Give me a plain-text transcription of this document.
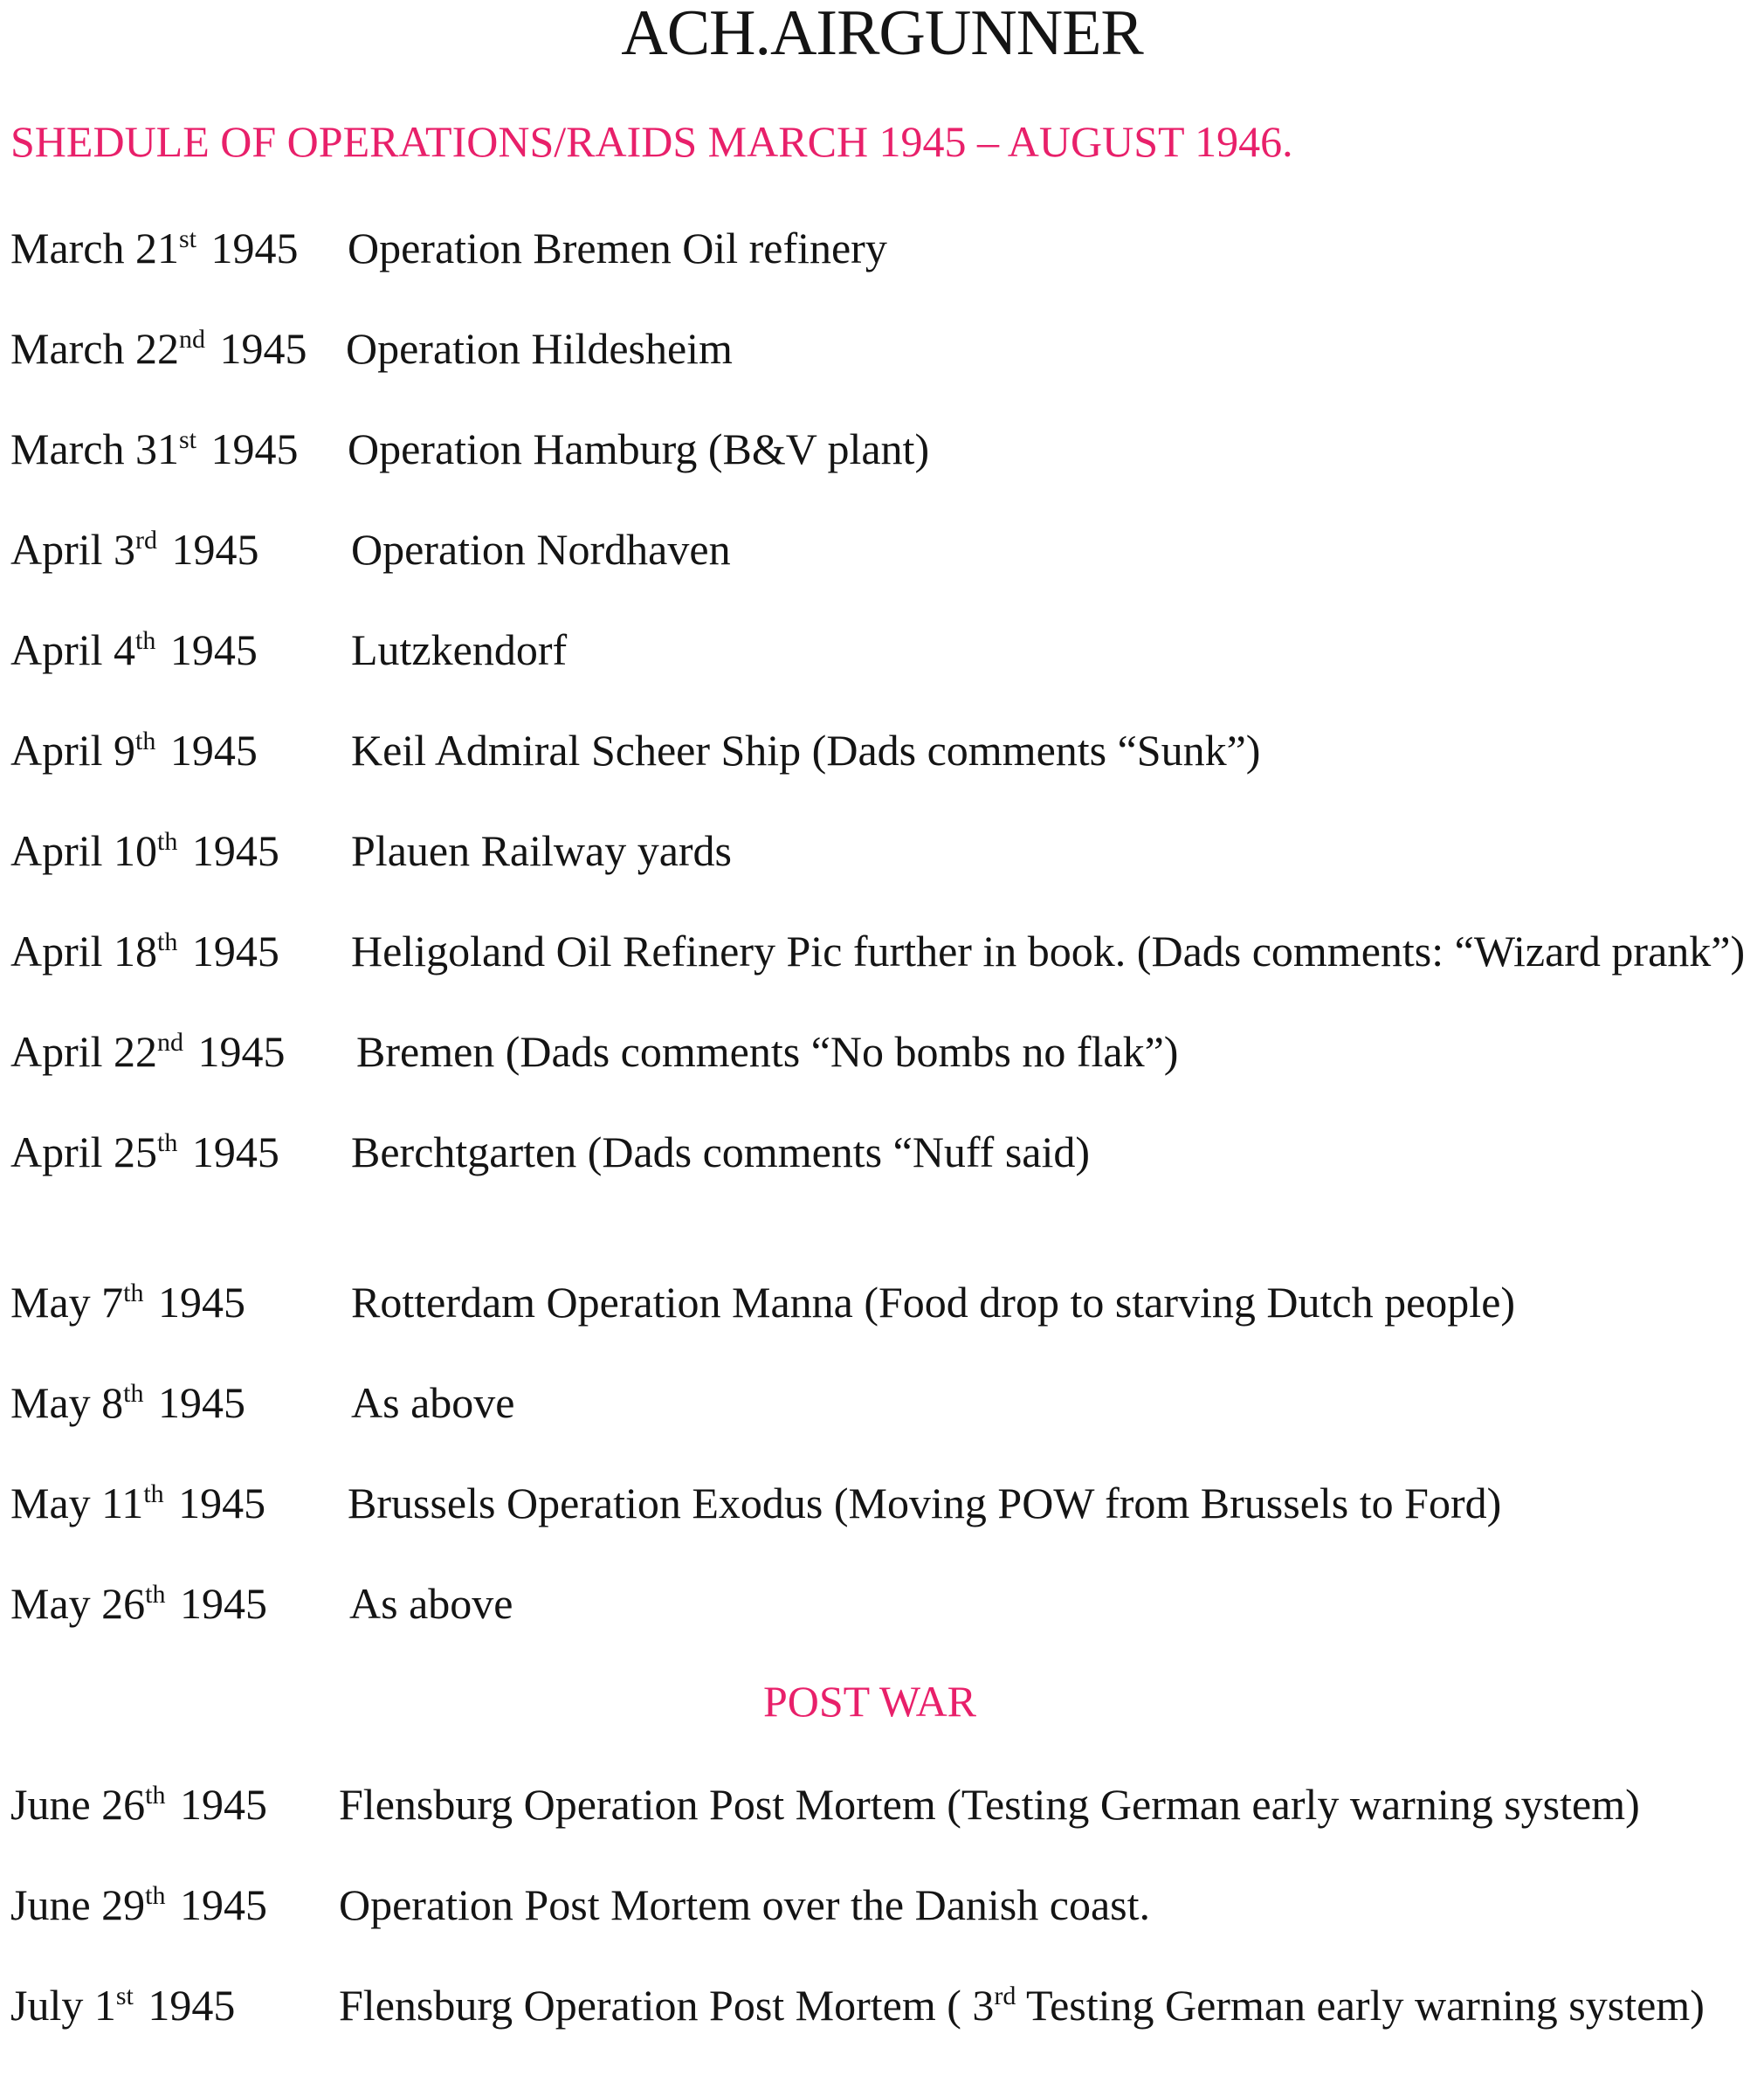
ACH.AIRGUNNER
SHEDULE OF OPERATIONS/RAIDS MARCH 1945 – AUGUST 1946.
March 21st 1945 Operation Bremen Oil refinery
March 22nd 1945 Operation Hildesheim
March 31st 1945 Operation Hamburg (B&V plant)
April 3rd 1945 Operation Nordhaven
April 4th 1945 Lutzkendorf
April 9th 1945 Keil Admiral Scheer Ship (Dads comments “Sunk”)
April 10th 1945 Plauen Railway yards
April 18th 1945 Heligoland Oil Refinery Pic further in book. (Dads comments: “Wizard prank”)
April 22nd 1945 Bremen (Dads comments “No bombs no flak”)
April 25th 1945 Berchtgarten (Dads comments “Nuff said)
May 7th 1945 Rotterdam Operation Manna (Food drop to starving Dutch people)
May 8th 1945 As above
May 11th 1945 Brussels Operation Exodus (Moving POW from Brussels to Ford)
May 26th 1945 As above
POST WAR
June 26th 1945 Flensburg Operation Post Mortem (Testing German early warning system)
June 29th 1945 Operation Post Mortem over the Danish coast.
July 1st 1945 Flensburg Operation Post Mortem ( 3rd Testing German early warning system)
